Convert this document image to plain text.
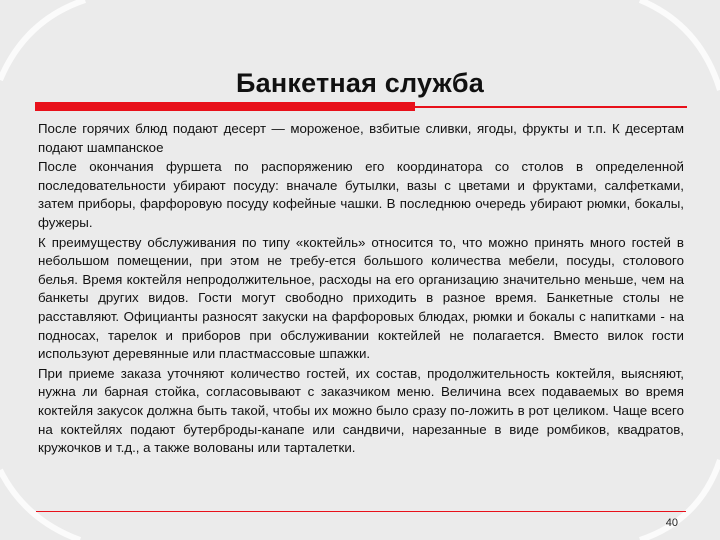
Банкетная служба

После горячих блюд подают десерт — мороженое, взбитые сливки, ягоды, фрукты и т.п. К десертам подают шампанское

После окончания фуршета по распоряжению его координатора со столов в определенной последовательности убирают посуду: вначале бутылки, вазы с цветами и фруктами, салфетками, затем приборы, фарфоровую посуду кофейные чашки. В последнюю очередь убирают рюмки, бокалы, фужеры.

К преимуществу обслуживания по типу «коктейль» относится то, что можно принять много гостей в небольшом помещении, при этом не требу-ется большого количества мебели, посуды, столового белья. Время коктейля непродолжительное, расходы на его организацию значительно меньше, чем на банкеты других видов. Гости могут свободно приходить в разное время. Банкетные столы не расставляют. Официанты разносят закуски на фарфоровых блюдах, рюмки и бокалы с напитками - на подносах, тарелок и приборов при обслуживании коктейлей не полагается. Вместо вилок гости используют деревянные или пластмассовые шпажки.

При приеме заказа уточняют количество гостей, их состав, продолжительность коктейля, выясняют, нужна ли барная стойка, согласовывают с заказчиком меню. Величина всех подаваемых во время коктейля закусок должна быть такой, чтобы их можно было сразу по-ложить в рот целиком. Чаще всего на коктейлях подают бутерброды-канапе или сандвичи, нарезанные в виде ромбиков, квадратов, кружочков и т.д., а также волованы или тарталетки.

40
